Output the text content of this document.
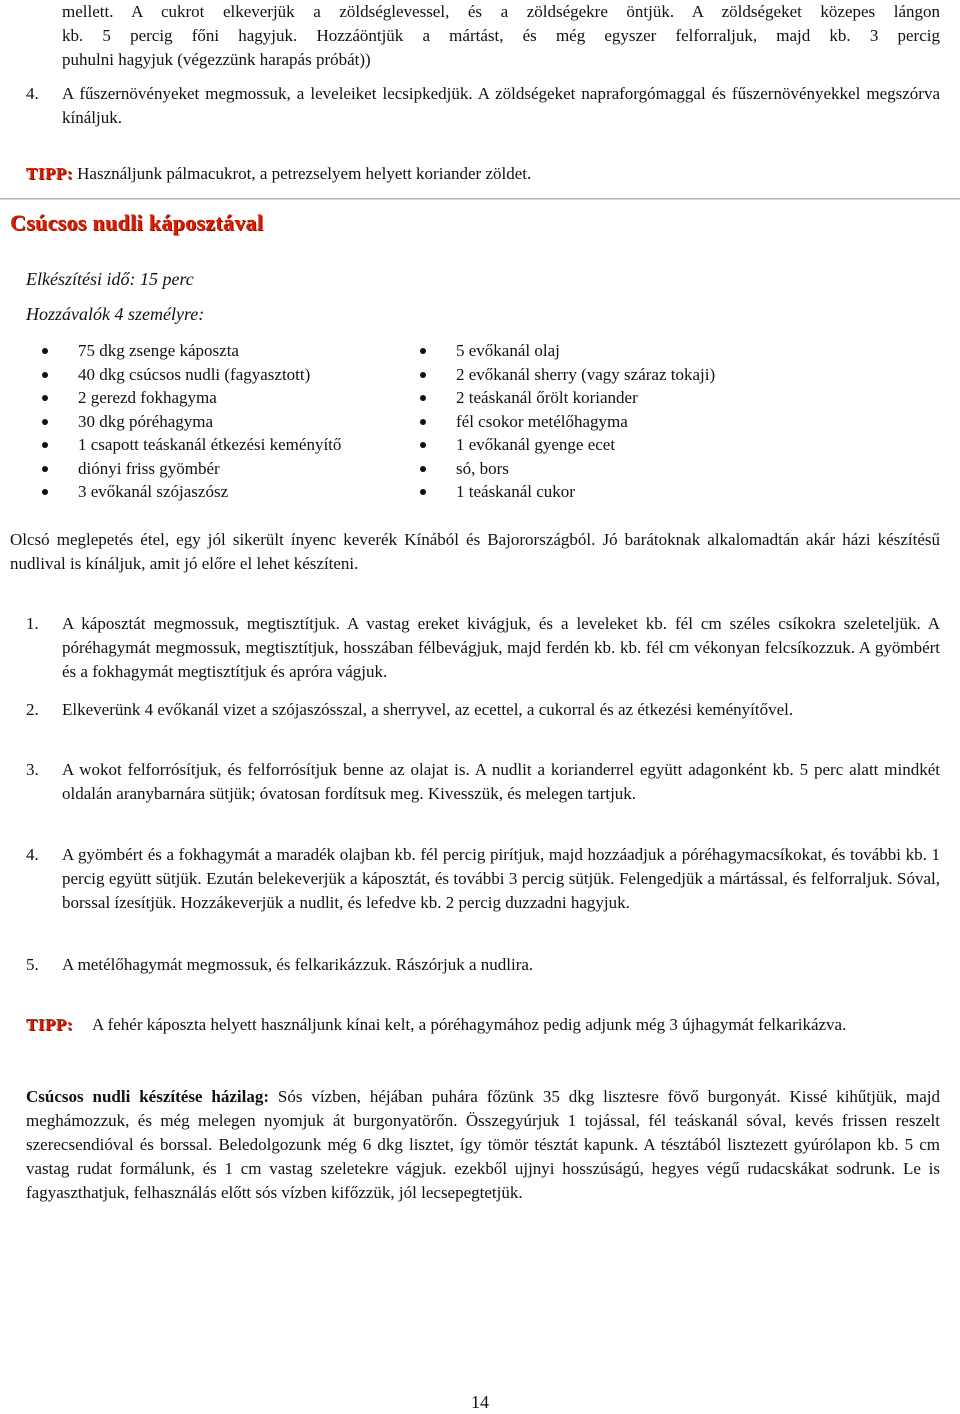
mellett. A cukrot elkeverjük a zöldséglevessel, és a zöldségekre öntjük. A zöldségeket közepes lángon
kb. 5 percig főni hagyjuk. Hozzáöntjük a mártást, és még egyszer felforraljuk, majd kb. 3 percig
puhulni hagyjuk (végezzünk harapás próbát))
4.	A fűszernövényeket megmossuk, a leveleiket lecsipkedjük. A zöldségeket napraforgómaggal és fűszernövényekkel megszórva kínáljuk.
TIPP: Használjunk pálmacukrot, a petrezselyem helyett koriander zöldet.
Csúcsos nudli káposztával
Elkészítési idő: 15 perc
Hozzávalók 4 személyre:
75 dkg zsenge káposzta
40 dkg csúcsos nudli (fagyasztott)
2 gerezd fokhagyma
30 dkg póréhagyma
1 csapott teáskanál étkezési keményítő
diónyi friss gyömbér
3 evőkanál szójaszósz
5 evőkanál olaj
2 evőkanál sherry (vagy száraz tokaji)
2 teáskanál őrölt koriander
fél csokor metélőhagyma
1 evőkanál gyenge ecet
só, bors
1 teáskanál cukor
Olcsó meglepetés étel, egy jól sikerült ínyenc keverék Kínából és Bajorországból. Jó barátoknak alkalomadtán akár házi készítésű nudlival is kínáljuk, amit jó előre el lehet készíteni.
1.	A káposztát megmossuk, megtisztítjuk. A vastag ereket kivágjuk, és a leveleket kb. fél cm széles csíkokra szeleteljük. A póréhagymát megmossuk, megtisztítjuk, hosszában félbevágjuk, majd ferdén kb. kb. fél cm vékonyan felcsíkozzuk. A gyömbért és a fokhagymát megtisztítjuk és apróra vágjuk.
2.	Elkeverünk 4 evőkanál vizet a szójaszósszal, a sherryvel, az ecettel, a cukorral és az étkezési keményítővel.
3.	A wokot felforrósítjuk, és felforrósítjuk benne az olajat is. A nudlit a korianderrel együtt adagonként kb. 5 perc alatt mindkét oldalán aranybarnára sütjük; óvatosan fordítsuk meg. Kivesszük, és melegen tartjuk.
4.	A gyömbért és a fokhagymát a maradék olajban kb. fél percig pirítjuk, majd hozzáadjuk a póréhagymacsíkokat, és további kb. 1 percig együtt sütjük. Ezután belekeverjük a káposztát, és további 3 percig sütjük. Felengedjük a mártással, és felforraljuk. Sóval, borssal ízesítjük. Hozzákeverjük a nudlit, és lefedve kb. 2 percig duzzadni hagyjuk.
5.	A metélőhagymát megmossuk, és felkarikázzuk. Rászórjuk a nudlira.
TIPP: A fehér káposzta helyett használjunk kínai kelt, a póréhagymához pedig adjunk még 3 újhagymát felkarikázva.
Csúcsos nudli készítése házilag: Sós vízben, héjában puhára főzünk 35 dkg lisztesre fövő burgonyát. Kissé kihűtjük, majd meghámozzuk, és még melegen nyomjuk át burgonyatörőn. Összegyúrjuk 1 tojással, fél teáskanál sóval, kevés frissen reszelt szerecsendióval és borssal. Beledolgozunk még 6 dkg lisztet, így tömör tésztát kapunk. A tésztából lisztezett gyúrólapon kb. 5 cm vastag rudat formálunk, és 1 cm vastag szeletekre vágjuk. ezekből ujjnyi hosszúságú, hegyes végű rudacskákat sodrunk. Le is fagyaszthatjuk, felhasználás előtt sós vízben kifőzzük, jól lecsepegtetjük.
14
